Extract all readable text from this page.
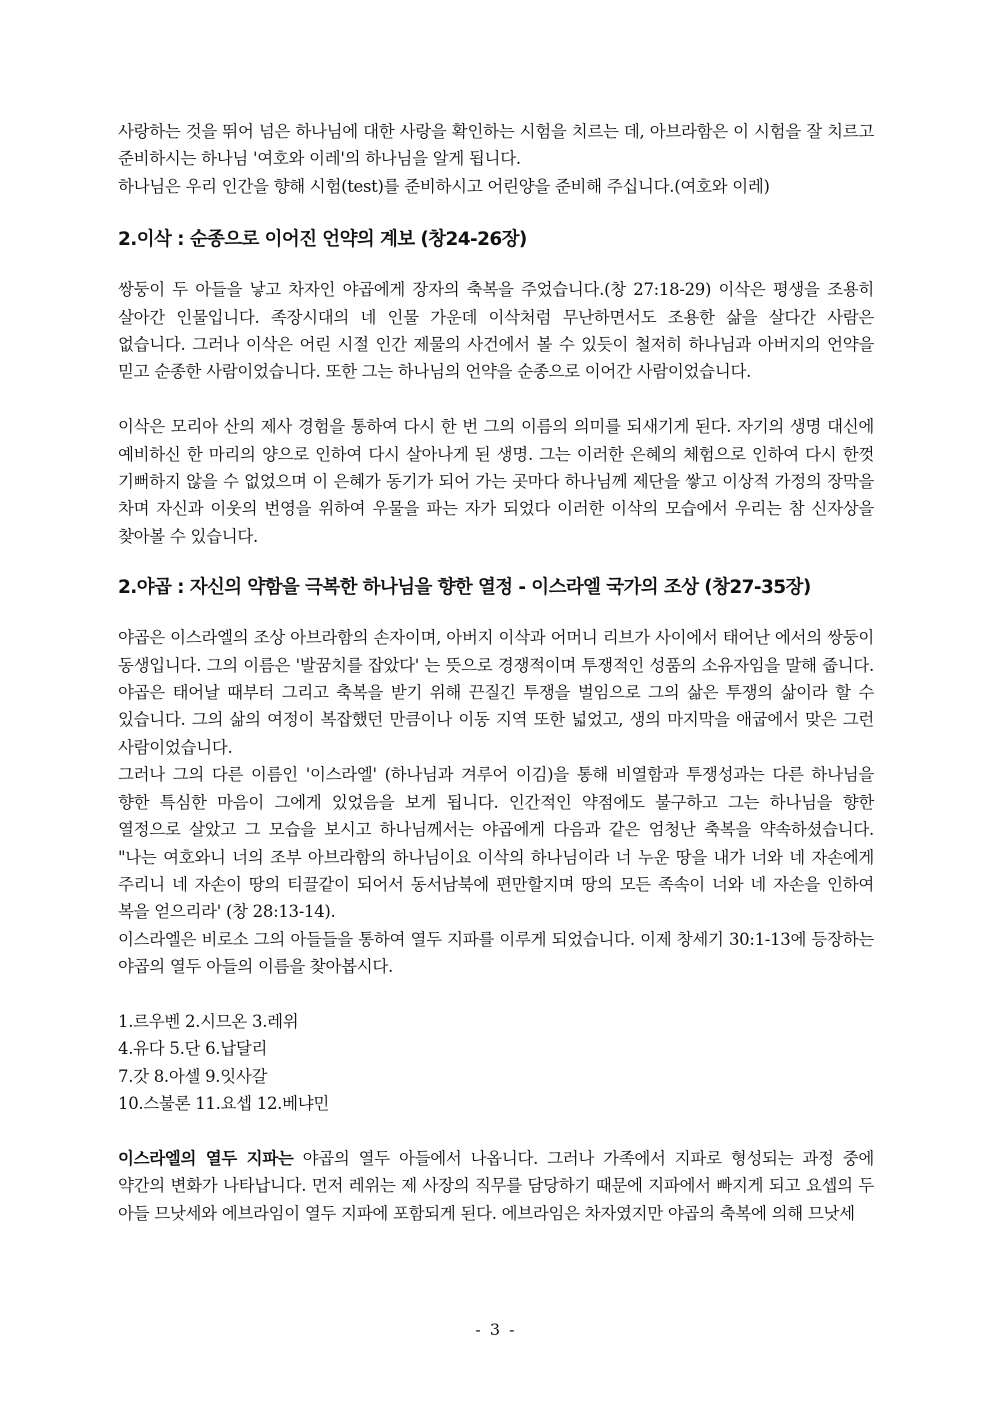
사랑하는 것을 뛰어 넘은 하나님에 대한 사랑을 확인하는 시험을 치르는 데, 아브라함은 이 시험을 잘 치르고 준비하시는 하나님 '여호와 이레'의 하나님을 알게 됩니다.

하나님은 우리 인간을 향해 시험(test)를 준비하시고 어린양을 준비해 주십니다.(여호와 이레)

2.이삭 : 순종으로 이어진 언약의 계보 (창24-26장)

쌍둥이 두 아들을 낳고 차자인 야곱에게 장자의 축복을 주었습니다.(창 27:18-29) 이삭은 평생을 조용히 살아간 인물입니다. 족장시대의 네 인물 가운데 이삭처럼 무난하면서도 조용한 삶을 살다간 사람은 없습니다. 그러나 이삭은 어린 시절 인간 제물의 사건에서 볼 수 있듯이 철저히 하나님과 아버지의 언약을 믿고 순종한 사람이었습니다. 또한 그는 하나님의 언약을 순종으로 이어간 사람이었습니다.

이삭은 모리아 산의 제사 경험을 통하여 다시 한 번 그의 이름의 의미를 되새기게 된다. 자기의 생명 대신에 예비하신 한 마리의 양으로 인하여 다시 살아나게 된 생명. 그는 이러한 은혜의 체험으로 인하여 다시 한껏 기뻐하지 않을 수 없었으며 이 은혜가 동기가 되어 가는 곳마다 하나님께 제단을 쌓고 이상적 가정의 장막을 차며 자신과 이웃의 번영을 위하여 우물을 파는 자가 되었다 이러한 이삭의 모습에서 우리는 참 신자상을 찾아볼 수 있습니다.

2.야곱 : 자신의 약함을 극복한 하나님을 향한 열정 - 이스라엘 국가의 조상 (창27-35장)

야곱은 이스라엘의 조상 아브라함의 손자이며, 아버지 이삭과 어머니 리브가 사이에서 태어난 에서의 쌍둥이 동생입니다. 그의 이름은 '발꿈치를 잡았다' 는 뜻으로 경쟁적이며 투쟁적인 성품의 소유자임을 말해 줍니다. 야곱은 태어날 때부터 그리고 축복을 받기 위해 끈질긴 투쟁을 벌임으로 그의 삶은 투쟁의 삶이라 할 수 있습니다. 그의 삶의 여정이 복잡했던 만큼이나 이동 지역 또한 넓었고, 생의 마지막을 애굽에서 맞은 그런 사람이었습니다.

그러나 그의 다른 이름인 '이스라엘' (하나님과 겨루어 이김)을 통해 비열함과 투쟁성과는 다른 하나님을 향한 특심한 마음이 그에게 있었음을 보게 됩니다. 인간적인 약점에도 불구하고 그는 하나님을 향한 열정으로 살았고 그 모습을 보시고 하나님께서는 야곱에게 다음과 같은 엄청난 축복을 약속하셨습니다. "나는 여호와니 너의 조부 아브라함의 하나님이요 이삭의 하나님이라 너 누운 땅을 내가 너와 네 자손에게 주리니 네 자손이 땅의 티끌같이 되어서 동서남북에 편만할지며 땅의 모든 족속이 너와 네 자손을 인하여 복을 얻으리라' (창 28:13-14).

이스라엘은 비로소 그의 아들들을 통하여 열두 지파를 이루게 되었습니다. 이제 창세기 30:1-13에 등장하는 야곱의 열두 아들의 이름을 찾아봅시다.

1.르우벤 2.시므온 3.레위

4.유다 5.단 6.납달리

7.갓 8.아셀 9.잇사갈

10.스불론 11.요셉 12.베냐민

이스라엘의 열두 지파는 야곱의 열두 아들에서 나옵니다. 그러나 가족에서 지파로 형성되는 과정 중에 약간의 변화가 나타납니다. 먼저 레위는 제 사장의 직무를 담당하기 때문에 지파에서 빠지게 되고 요셉의 두 아들 므낫세와 에브라임이 열두 지파에 포함되게 된다. 에브라임은 차자였지만 야곱의 축복에 의해 므낫세

- 3 -
